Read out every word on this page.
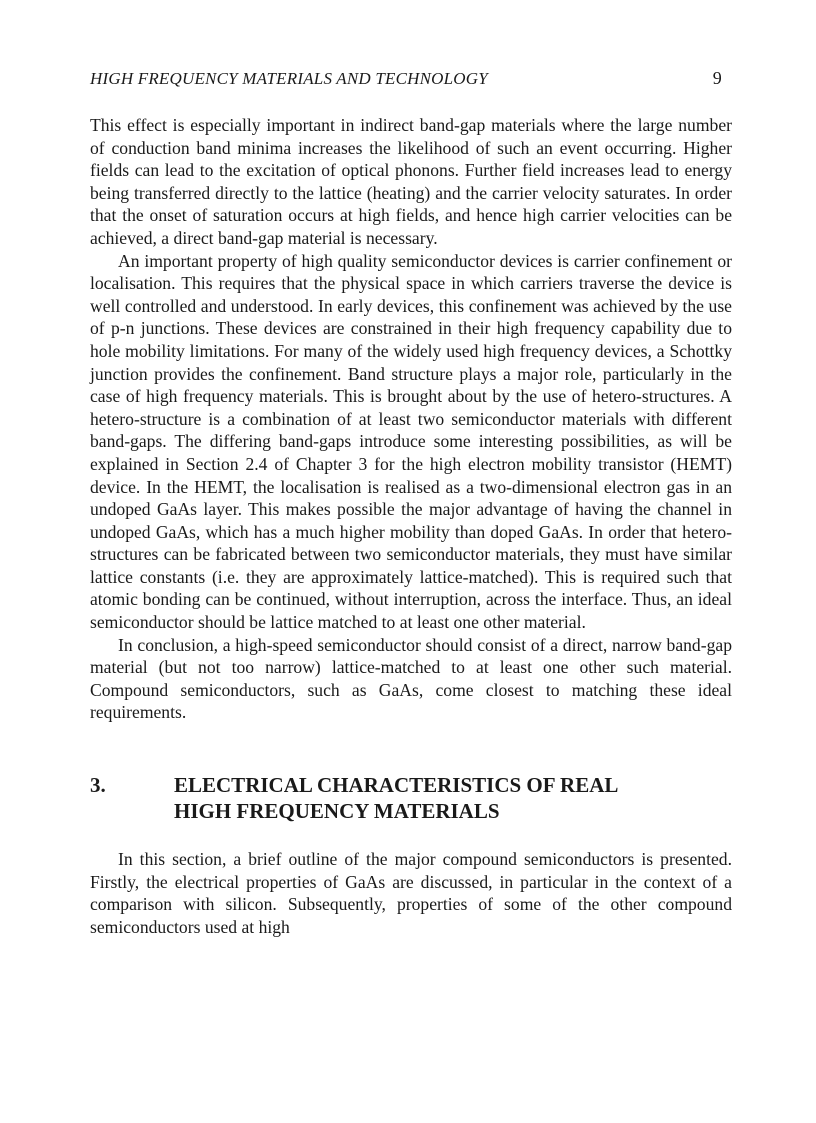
HIGH FREQUENCY MATERIALS AND TECHNOLOGY	9

This effect is especially important in indirect band-gap materials where the large number of conduction band minima increases the likelihood of such an event occurring. Higher fields can lead to the excitation of optical phonons. Further field increases lead to energy being transferred directly to the lattice (heating) and the carrier velocity saturates. In order that the onset of saturation occurs at high fields, and hence high carrier velocities can be achieved, a direct band-gap material is necessary.

An important property of high quality semiconductor devices is carrier confinement or localisation. This requires that the physical space in which carriers traverse the device is well controlled and understood. In early devices, this confinement was achieved by the use of p-n junctions. These devices are constrained in their high frequency capability due to hole mobility limitations. For many of the widely used high frequency devices, a Schottky junction provides the confinement. Band structure plays a major role, particularly in the case of high frequency materials. This is brought about by the use of hetero-structures. A hetero-structure is a combination of at least two semiconductor materials with different band-gaps. The differing band-gaps introduce some interesting possibilities, as will be explained in Section 2.4 of Chapter 3 for the high electron mobility transistor (HEMT) device. In the HEMT, the localisation is realised as a two-dimensional electron gas in an undoped GaAs layer. This makes possible the major advantage of having the channel in undoped GaAs, which has a much higher mobility than doped GaAs. In order that hetero-structures can be fabricated between two semiconductor materials, they must have similar lattice constants (i.e. they are approximately lattice-matched). This is required such that atomic bonding can be continued, without interruption, across the interface. Thus, an ideal semiconductor should be lattice matched to at least one other material.

In conclusion, a high-speed semiconductor should consist of a direct, narrow band-gap material (but not too narrow) lattice-matched to at least one other such material. Compound semiconductors, such as GaAs, come closest to matching these ideal requirements.

3.	ELECTRICAL CHARACTERISTICS OF REAL
HIGH FREQUENCY MATERIALS

In this section, a brief outline of the major compound semiconductors is presented. Firstly, the electrical properties of GaAs are discussed, in particular in the context of a comparison with silicon. Subsequently, properties of some of the other compound semiconductors used at high
